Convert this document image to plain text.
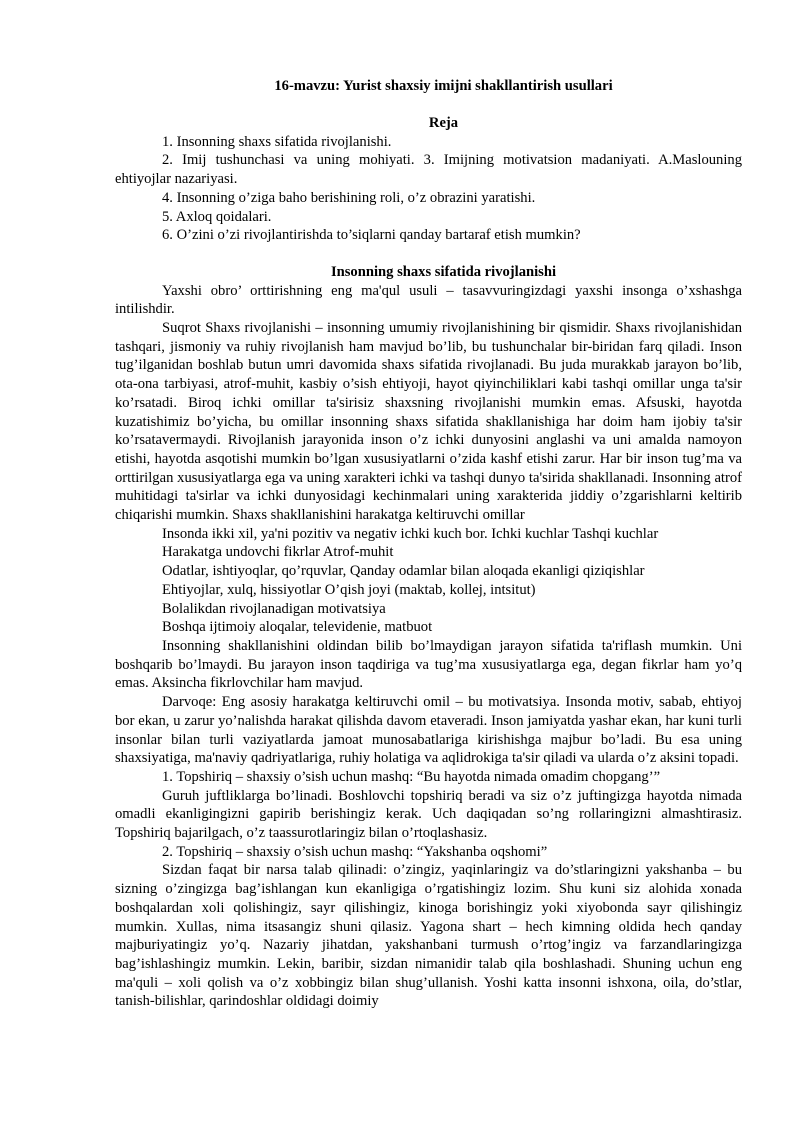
16-mavzu: Yurist shaxsiy imijni shakllantirish usullari

Reja

1. Insonning shaxs sifatida rivojlanishi.

2. Imij tushunchasi va uning mohiyati. 3. Imijning motivatsion madaniyati. A.Maslouning ehtiyojlar nazariyasi.

4. Insonning o’ziga baho berishining roli, o’z obrazini yaratishi.

5. Axloq qoidalari.

6. O’zini o’zi rivojlantirishda to’siqlarni qanday bartaraf etish mumkin?

Insonning shaxs sifatida rivojlanishi

Yaxshi obro’ orttirishning eng ma'qul usuli – tasavvuringizdagi yaxshi insonga o’xshashga intilishdir.

Suqrot Shaxs rivojlanishi – insonning umumiy rivojlanishining bir qismidir. Shaxs rivojlanishidan tashqari, jismoniy va ruhiy rivojlanish ham mavjud bo’lib, bu tushunchalar bir-biridan farq qiladi. Inson tug’ilganidan boshlab butun umri davomida shaxs sifatida rivojlanadi. Bu juda murakkab jarayon bo’lib, ota-ona tarbiyasi, atrof-muhit, kasbiy o’sish ehtiyoji, hayot qiyinchiliklari kabi tashqi omillar unga ta'sir ko’rsatadi. Biroq ichki omillar ta'sirisiz shaxsning rivojlanishi mumkin emas. Afsuski, hayotda kuzatishimiz bo’yicha, bu omillar insonning shaxs sifatida shakllanishiga har doim ham ijobiy ta'sir ko’rsatavermaydi. Rivojlanish jarayonida inson o’z ichki dunyosini anglashi va uni amalda namoyon etishi, hayotda asqotishi mumkin bo’lgan xususiyatlarni o’zida kashf etishi zarur. Har bir inson tug’ma va orttirilgan xususiyatlarga ega va uning xarakteri ichki va tashqi dunyo ta'sirida shakllanadi. Insonning atrof muhitidagi ta'sirlar va ichki dunyosidagi kechinmalari uning xarakterida jiddiy o’zgarishlarni keltirib chiqarishi mumkin. Shaxs shakllanishini harakatga keltiruvchi omillar

Insonda ikki xil, ya'ni pozitiv va negativ ichki kuch bor. Ichki kuchlar Tashqi kuchlar

Harakatga undovchi fikrlar Atrof-muhit

Odatlar, ishtiyoqlar, qo’rquvlar, Qanday odamlar bilan aloqada ekanligi qiziqishlar

Ehtiyojlar, xulq, hissiyotlar O’qish joyi (maktab, kollej, intsitut)

Bolalikdan rivojlanadigan motivatsiya

Boshqa ijtimoiy aloqalar, televidenie, matbuot

Insonning shakllanishini oldindan bilib bo’lmaydigan jarayon sifatida ta'riflash mumkin. Uni boshqarib bo’lmaydi. Bu jarayon inson taqdiriga va tug’ma xususiyatlarga ega, degan fikrlar ham yo’q emas. Aksincha fikrlovchilar ham mavjud.

Darvoqe: Eng asosiy harakatga keltiruvchi omil – bu motivatsiya. Insonda motiv, sabab, ehtiyoj bor ekan, u zarur yo’nalishda harakat qilishda davom etaveradi. Inson jamiyatda yashar ekan, har kuni turli insonlar bilan turli vaziyatlarda jamoat munosabatlariga kirishishga majbur bo’ladi. Bu esa uning shaxsiyatiga, ma'naviy qadriyatlariga, ruhiy holatiga va aqlidrokiga ta'sir qiladi va ularda o’z aksini topadi.

1. Topshiriq – shaxsiy o’sish uchun mashq: “Bu hayotda nimada omadim chopgang’”

Guruh juftliklarga bo’linadi. Boshlovchi topshiriq beradi va siz o’z juftingizga hayotda nimada omadli ekanligingizni gapirib berishingiz kerak. Uch daqiqadan so’ng rollaringizni almashtirasiz. Topshiriq bajarilgach, o’z taassurotlaringiz bilan o’rtoqlashasiz.

2. Topshiriq – shaxsiy o’sish uchun mashq: “Yakshanba oqshomi”

Sizdan faqat bir narsa talab qilinadi: o’zingiz, yaqinlaringiz va do’stlaringizni yakshanba – bu sizning o’zingizga bag’ishlangan kun ekanligiga o’rgatishingiz lozim. Shu kuni siz alohida xonada boshqalardan xoli qolishingiz, sayr qilishingiz, kinoga borishingiz yoki xiyobonda sayr qilishingiz mumkin. Xullas, nima itsasangiz shuni qilasiz. Yagona shart – hech kimning oldida hech qanday majburiyatingiz yo’q. Nazariy jihatdan, yakshanbani turmush o’rtog’ingiz va farzandlaringizga bag’ishlashingiz mumkin. Lekin, baribir, sizdan nimanidir talab qila boshlashadi. Shuning uchun eng ma'quli – xoli qolish va o’z xobbingiz bilan shug’ullanish. Yoshi katta insonni ishxona, oila, do’stlar, tanish-bilishlar, qarindoshlar oldidagi doimiy
